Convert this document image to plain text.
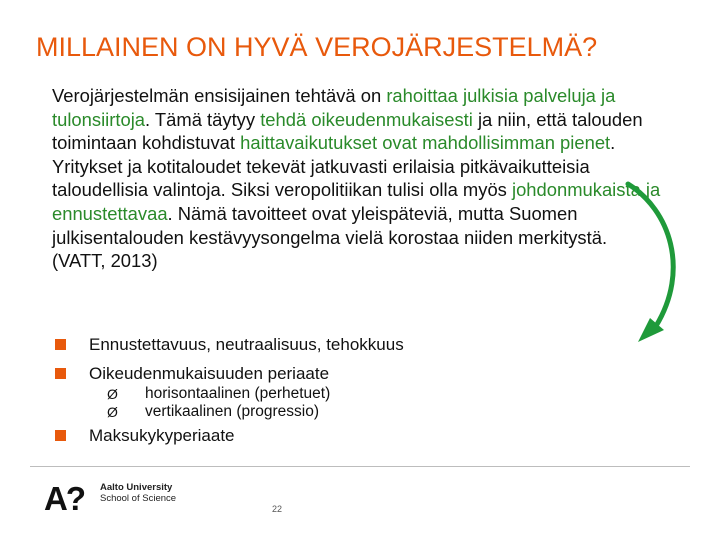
MILLAINEN ON HYVÄ VEROJÄRJESTELMÄ?

Verojärjestelmän ensisijainen tehtävä on rahoittaa julkisia palveluja ja tulonsiirtoja. Tämä täytyy tehdä oikeudenmukaisesti ja niin, että talouden toimintaan kohdistuvat haittavaikutukset ovat mahdollisimman pienet.

Yritykset ja kotitaloudet tekevät jatkuvasti erilaisia pitkävaikutteisia taloudellisia valintoja. Siksi veropolitiikan tulisi olla myös johdonmukaista ja ennustettavaa. Nämä tavoitteet ovat yleispäteviä, mutta Suomen julkisentalouden kestävyysongelma vielä korostaa niiden merkitystä. (VATT, 2013)

Ennustettavuus, neutraalisuus, tehokkuus
Oikeudenmukaisuuden periaate
Ø horisontaalinen (perhetuet)
Ø vertikaalinen (progressio)
Maksukykyperiaate
A? Aalto University
School of Science
22
